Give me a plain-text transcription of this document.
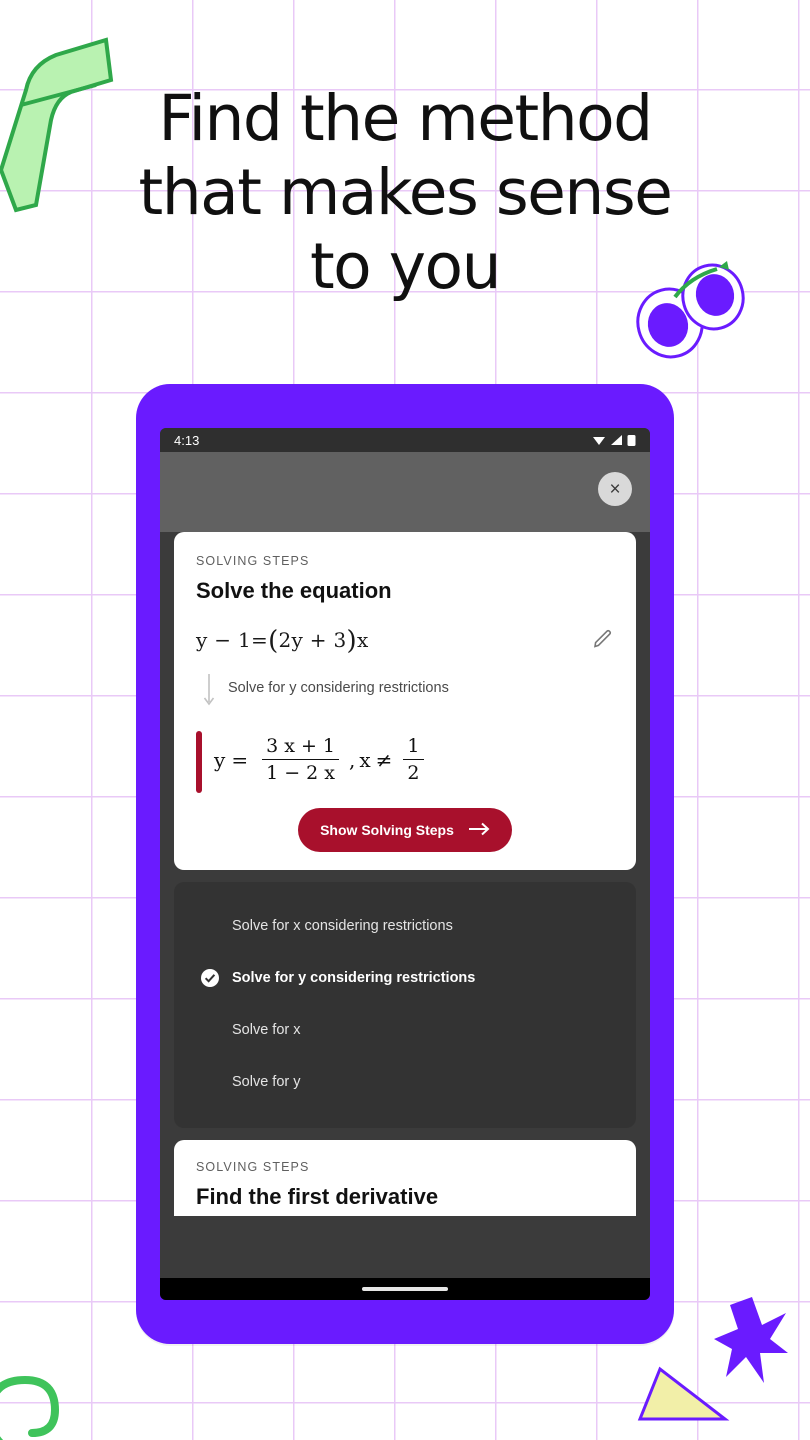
Find the method
that makes sense
to you
4:13
×
SOLVING STEPS
Solve the equation
y − 1=(2y + 3)x
Solve for y considering restrictions
$y = \frac{3 x + 1}{1 - 2 x}$ , $x \ne \frac{1}{2}$
Show Solving Steps
Solve for x considering restrictions
Solve for y considering restrictions
Solve for x
Solve for y
SOLVING STEPS
Find the first derivative
